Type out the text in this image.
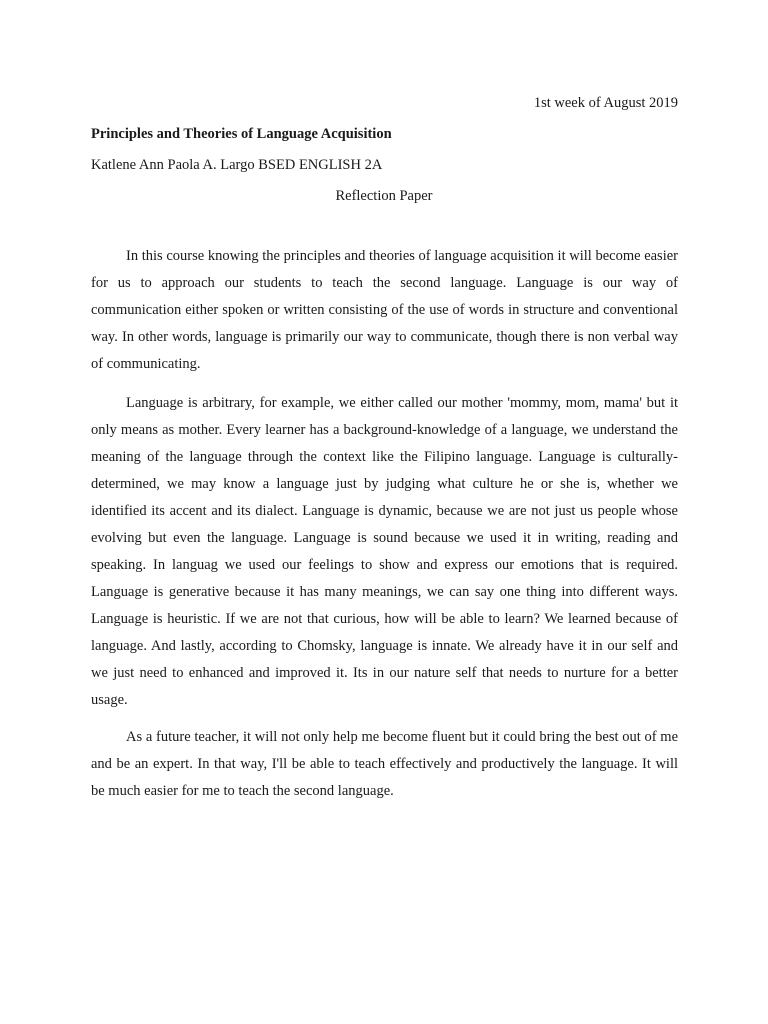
1st week of August 2019
Principles and Theories of Language Acquisition
Katlene Ann Paola A. Largo BSED ENGLISH 2A
Reflection Paper

In this course knowing the principles and theories of language acquisition it will become easier for us to approach our students to teach the second language. Language is our way of communication either spoken or written consisting of the use of words in structure and conventional way. In other words, language is primarily our way to communicate, though there is non verbal way of communicating.

Language is arbitrary, for example, we either called our mother 'mommy, mom, mama' but it only means as mother. Every learner has a background-knowledge of a language, we understand the meaning of the language through the context like the Filipino language. Language is culturally-determined, we may know a language just by judging what culture he or she is, whether we identified its accent and its dialect. Language is dynamic, because we are not just us people whose evolving but even the language. Language is sound because we used it in writing, reading and speaking. In languag we used our feelings to show and express our emotions that is required. Language is generative because it has many meanings, we can say one thing into different ways. Language is heuristic. If we are not that curious, how will be able to learn? We learned because of language. And lastly, according to Chomsky, language is innate. We already have it in our self and we just need to enhanced and improved it. Its in our nature self that needs to nurture for a better usage.

As a future teacher, it will not only help me become fluent but it could bring the best out of me and be an expert. In that way, I'll be able to teach effectively and productively the language. It will be much easier for me to teach the second language.
